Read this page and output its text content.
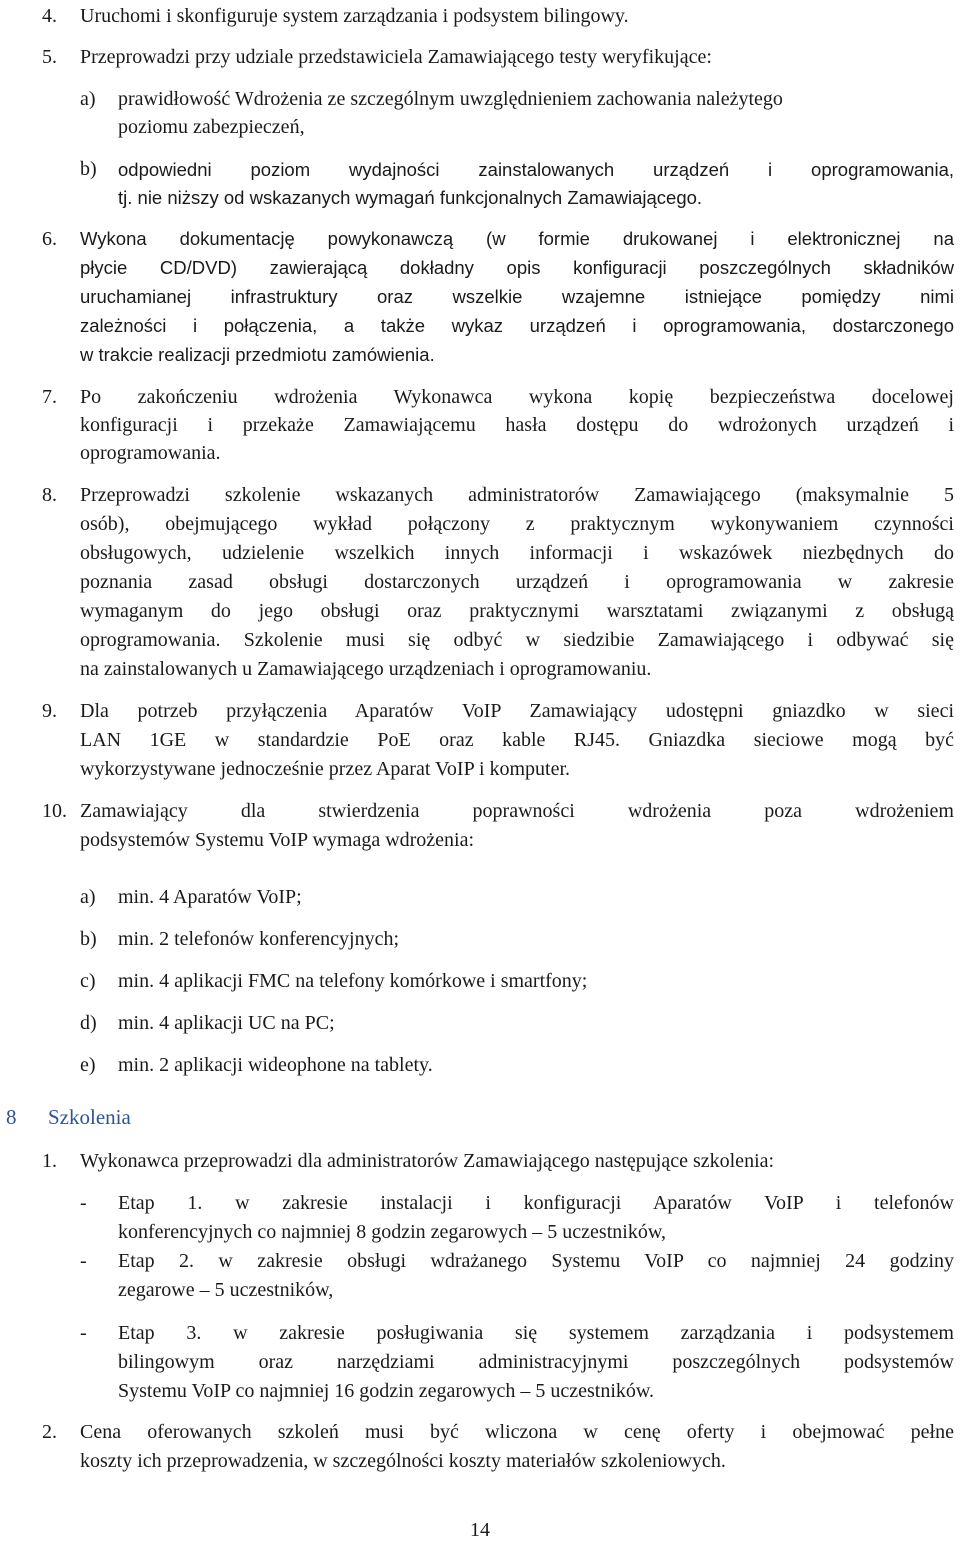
4. Uruchomi i skonfiguruje system zarządzania i podsystem bilingowy.
5. Przeprowadzi przy udziale przedstawiciela Zamawiającego testy weryfikujące:
a) prawidłowość Wdrożenia ze szczególnym uwzględnieniem zachowania należytego
poziomu zabezpieczeń,
b) odpowiedni poziom wydajności zainstalowanych urządzeń i oprogramowania,
tj. nie niższy od wskazanych wymagań funkcjonalnych Zamawiającego.
6. Wykona dokumentację powykonawczą (w formie drukowanej i elektronicznej na
płycie CD/DVD) zawierającą dokładny opis konfiguracji poszczególnych składników
uruchamianej infrastruktury oraz wszelkie wzajemne istniejące pomiędzy nimi
zależności i połączenia, a także wykaz urządzeń i oprogramowania, dostarczonego
w trakcie realizacji przedmiotu zamówienia.
7. Po zakończeniu wdrożenia Wykonawca wykona kopię bezpieczeństwa docelowej
konfiguracji i przekaże Zamawiającemu hasła dostępu do wdrożonych urządzeń i
oprogramowania.
8. Przeprowadzi szkolenie wskazanych administratorów Zamawiającego (maksymalnie 5
osób), obejmującego wykład połączony z praktycznym wykonywaniem czynności
obsługowych, udzielenie wszelkich innych informacji i wskazówek niezbędnych do
poznania zasad obsługi dostarczonych urządzeń i oprogramowania w zakresie
wymaganym do jego obsługi oraz praktycznymi warsztatami związanymi z obsługą
oprogramowania. Szkolenie musi się odbyć w siedzibie Zamawiającego i odbywać się
na zainstalowanych u Zamawiającego urządzeniach i oprogramowaniu.
9. Dla potrzeb przyłączenia Aparatów VoIP Zamawiający udostępni gniazdko w sieci
LAN 1GE w standardzie PoE oraz kable RJ45. Gniazdka sieciowe mogą być
wykorzystywane jednocześnie przez Aparat VoIP i komputer.
10. Zamawiający dla stwierdzenia poprawności wdrożenia poza wdrożeniem
podsystemów Systemu VoIP wymaga wdrożenia:
a) min. 4 Aparatów VoIP;
b) min. 2 telefonów konferencyjnych;
c) min. 4 aplikacji FMC na telefony komórkowe i smartfony;
d) min. 4 aplikacji UC na PC;
e) min. 2 aplikacji wideophone na tablety.
8 Szkolenia
1. Wykonawca przeprowadzi dla administratorów Zamawiającego następujące szkolenia:
- Etap 1. w zakresie instalacji i konfiguracji Aparatów VoIP i telefonów
konferencyjnych co najmniej 8 godzin zegarowych – 5 uczestników,
- Etap 2. w zakresie obsługi wdrażanego Systemu VoIP co najmniej 24 godziny
zegarowe – 5 uczestników,
- Etap 3. w zakresie posługiwania się systemem zarządzania i podsystemem
bilingowym oraz narzędziami administracyjnymi poszczególnych podsystemów
Systemu VoIP co najmniej 16 godzin zegarowych – 5 uczestników.
2. Cena oferowanych szkoleń musi być wliczona w cenę oferty i obejmować pełne
koszty ich przeprowadzenia, w szczególności koszty materiałów szkoleniowych.
14
